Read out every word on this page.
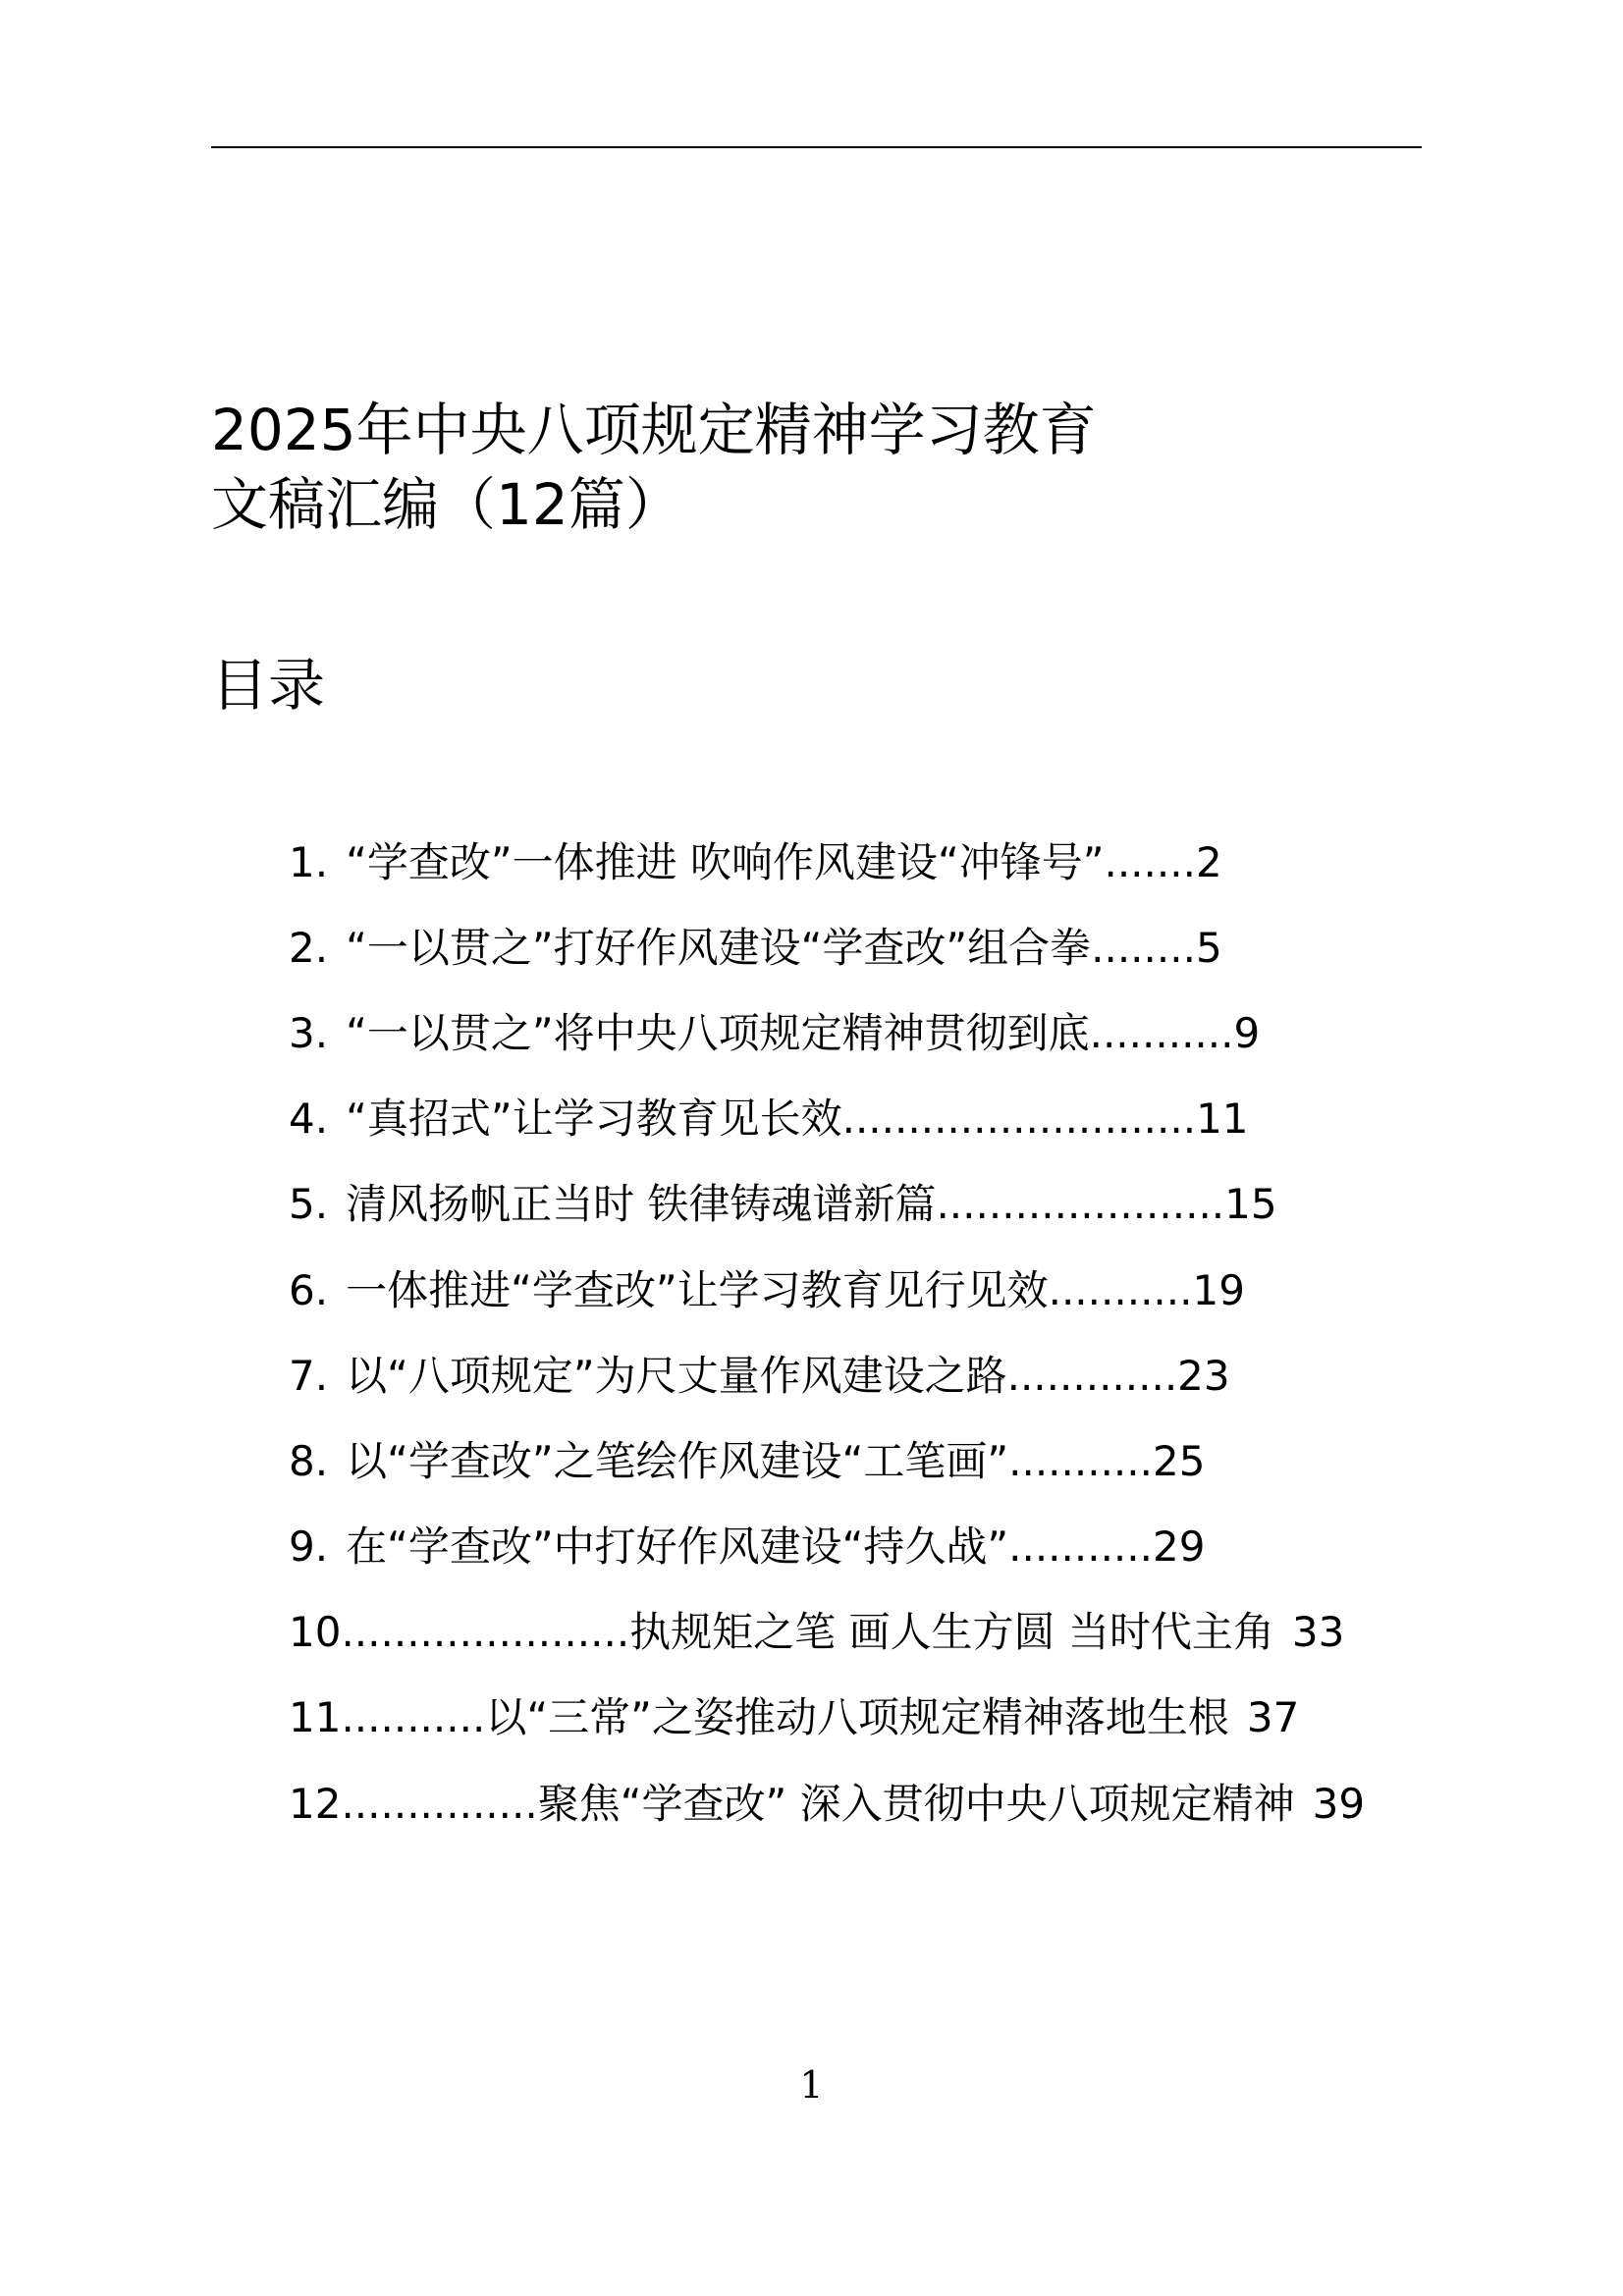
2025年中央八项规定精神学习教育
文稿汇编（12篇）
目录
1. “学查改”一体推进 吹响作风建设“冲锋号” ....... 2
2. “一以贯之”打好作风建设“学查改”组合拳 ........ 5
3. “一以贯之”将中央八项规定精神贯彻到底 ........... 9
4. “真招式”让学习教育见长效 ........................... 11
5. 清风扬帆正当时 铁律铸魂谱新篇 ...................... 15
6. 一体推进“学查改”让学习教育见行见效 ........... 19
7. 以“八项规定”为尺丈量作风建设之路 ............. 23
8. 以“学查改”之笔绘作风建设“工笔画” ........... 25
9. 在“学查改”中打好作风建设“持久战” ........... 29
10 ...................... 执规矩之笔 画人生方圆 当时代主角 33
11 ........... 以“三常”之姿推动八项规定精神落地生根 37
12 ............... 聚焦“学查改” 深入贯彻中央八项规定精神 39
1
